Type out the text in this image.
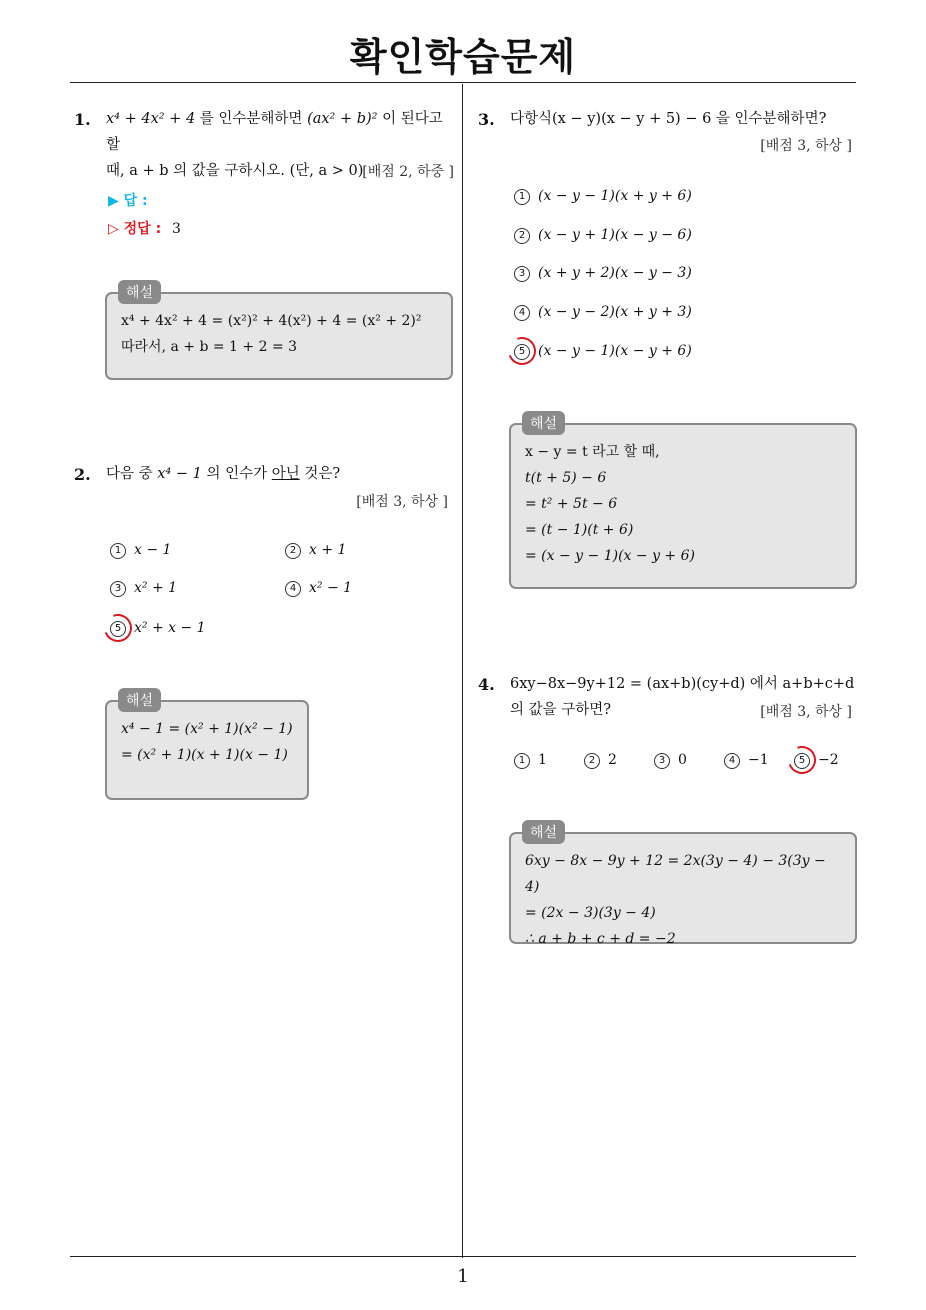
확인학습문제
1
1. x⁴ + 4x² + 4 를 인수분해하면 (ax² + b)² 이 된다고 할
때, a + b 의 값을 구하시오. (단, a > 0)
[배점 2, 하중 ]
▶ 답 :
▷ 정답 : 3
x⁴ + 4x² + 4 = (x²)² + 4(x²) + 4 = (x² + 2)²
따라서, a + b = 1 + 2 = 3
해설
2. 다음 중 x⁴ − 1 의 인수가 아닌 것은?
[배점 3, 하상 ]
1 x − 1	2 x + 1
3 x² + 1	4 x² − 1
5 x² + x − 1
x⁴ − 1 = (x² + 1)(x² − 1)
= (x² + 1)(x + 1)(x − 1)
해설
3. 다항식(x − y)(x − y + 5) − 6 을 인수분해하면?
[배점 3, 하상 ]
1 (x − y − 1)(x + y + 6)
2 (x − y + 1)(x − y − 6)
3 (x + y + 2)(x − y − 3)
4 (x − y − 2)(x + y + 3)
5 (x − y − 1)(x − y + 6)
x − y = t 라고 할 때,
t(t + 5) − 6
= t² + 5t − 6
= (t − 1)(t + 6)
= (x − y − 1)(x − y + 6)
해설
4. 6xy−8x−9y+12 = (ax+b)(cy+d) 에서 a+b+c+d
의 값을 구하면?	[배점 3, 하상 ]
1 1	2 2	3 0	4 −1	5 −2
6xy − 8x − 9y + 12 = 2x(3y − 4) − 3(3y − 4)
= (2x − 3)(3y − 4)
∴ a + b + c + d = −2
해설
